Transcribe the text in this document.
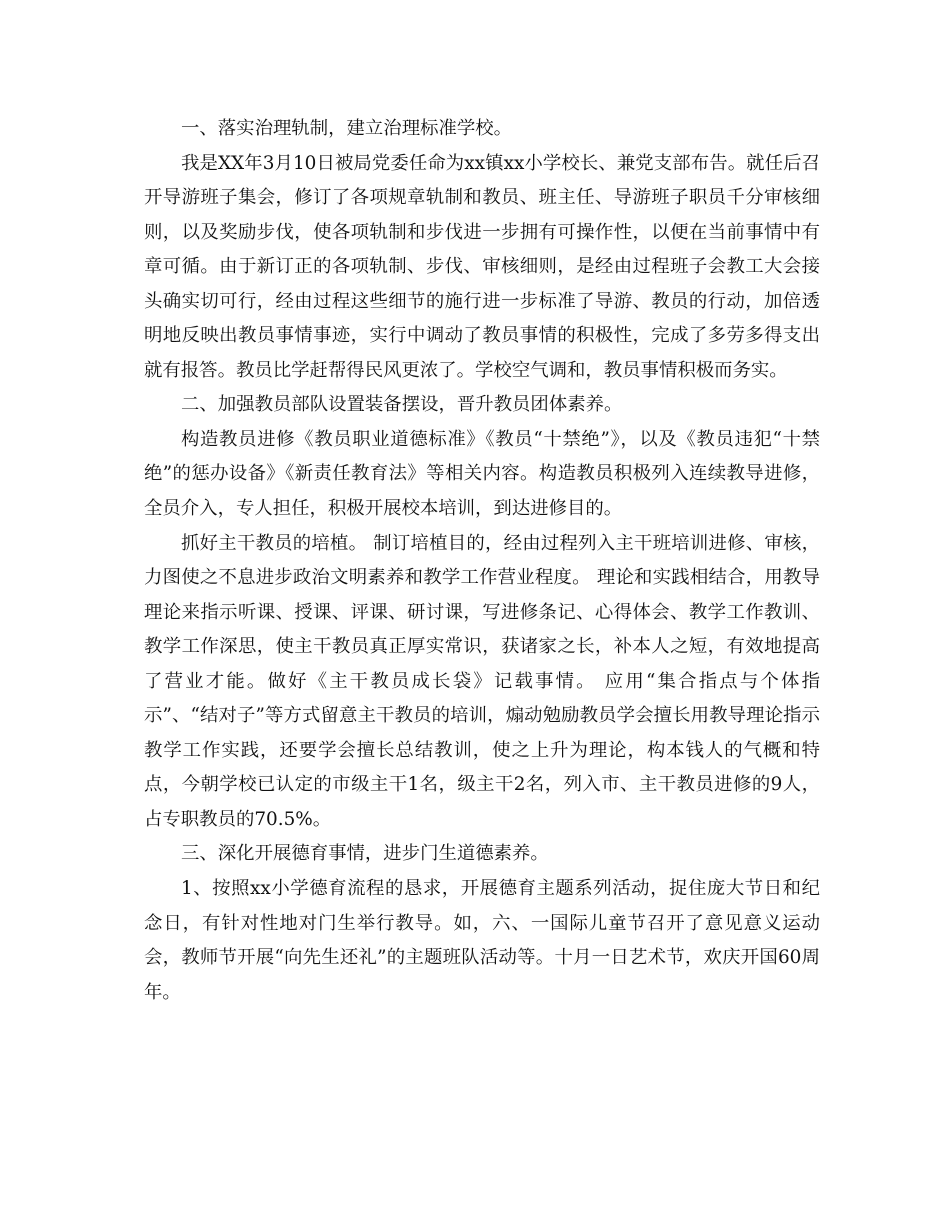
一、落实治理轨制，建立治理标准学校。

我是XX年3月10日被局党委任命为xx镇xx小学校长、兼党支部布告。就任后召开导游班子集会，修订了各项规章轨制和教员、班主任、导游班子职员千分审核细则，以及奖励步伐，使各项轨制和步伐进一步拥有可操作性，以便在当前事情中有章可循。由于新订正的各项轨制、步伐、审核细则，是经由过程班子会教工大会接头确实切可行，经由过程这些细节的施行进一步标准了导游、教员的行动，加倍透明地反映出教员事情事迹，实行中调动了教员事情的积极性，完成了多劳多得支出就有报答。教员比学赶帮得民风更浓了。学校空气调和，教员事情积极而务实。

二、加强教员部队设置装备摆设，晋升教员团体素养。

构造教员进修《教员职业道德标准》《教员“十禁绝”》，以及《教员违犯“十禁绝”的惩办设备》《新责任教育法》等相关内容。构造教员积极列入连续教导进修，全员介入，专人担任，积极开展校本培训，到达进修目的。

抓好主干教员的培植。 制订培植目的，经由过程列入主干班培训进修、审核，力图使之不息进步政治文明素养和教学工作营业程度。 理论和实践相结合，用教导理论来指示听课、授课、评课、研讨课，写进修条记、心得体会、教学工作教训、教学工作深思，使主干教员真正厚实常识，获诸家之长，补本人之短，有效地提高了营业才能。做好《主干教员成长袋》记载事情。 应用“集合指点与个体指示”、“结对子”等方式留意主干教员的培训，煽动勉励教员学会擅长用教导理论指示教学工作实践，还要学会擅长总结教训，使之上升为理论，构本钱人的气概和特点，今朝学校已认定的市级主干1名，级主干2名，列入市、主干教员进修的9人，占专职教员的70.5%。

三、深化开展德育事情，进步门生道德素养。

1、按照xx小学德育流程的恳求，开展德育主题系列活动，捉住庞大节日和纪念日，有针对性地对门生举行教导。如，六、一国际儿童节召开了意见意义运动会，教师节开展“向先生还礼”的主题班队活动等。十月一日艺术节，欢庆开国60周年。
